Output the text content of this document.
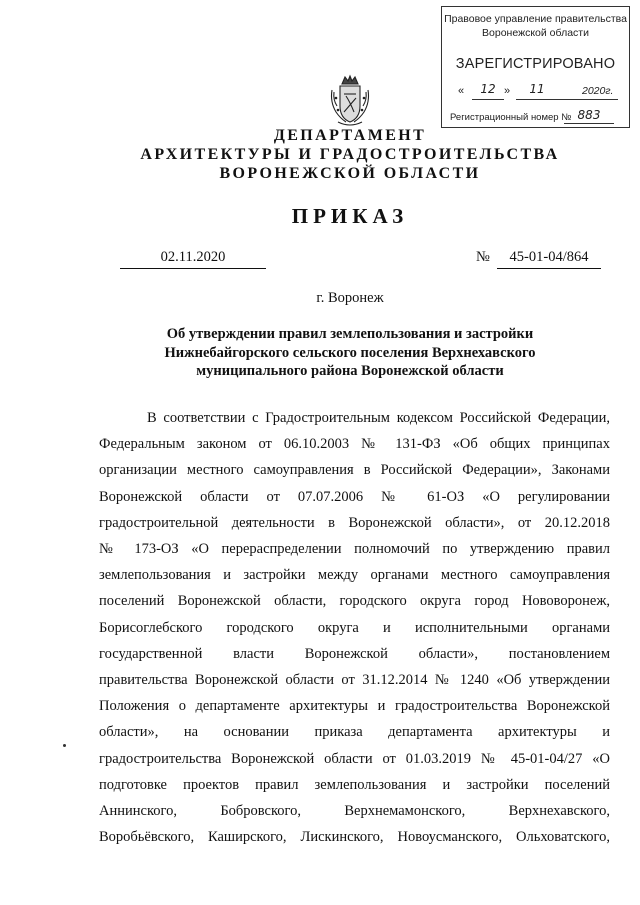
Правовое управление правительства
Воронежской области
ЗАРЕГИСТРИРОВАНО
«	12 »	11	2020г.
Регистрационный номер № 883
ДЕПАРТАМЕНТ
АРХИТЕКТУРЫ И ГРАДОСТРОИТЕЛЬСТВА
ВОРОНЕЖСКОЙ ОБЛАСТИ
ПРИКАЗ
02.11.2020	№	45-01-04/864
г. Воронеж
Об утверждении правил землепользования и застройки
Нижнебайгорского сельского поселения Верхнехавского
муниципального района Воронежской области
В соответствии с Градостроительным кодексом Российской Федерации,
Федеральным законом от 06.10.2003 № 131-ФЗ «Об общих принципах
организации местного самоуправления в Российской Федерации», Законами
Воронежской области от 07.07.2006 № 61-ОЗ «О регулировании
градостроительной деятельности в Воронежской области», от 20.12.2018
№ 173-ОЗ «О перераспределении полномочий по утверждению правил
землепользования и застройки между органами местного самоуправления
поселений Воронежской области, городского округа город Нововоронеж,
Борисоглебского городского округа и исполнительными органами
государственной власти Воронежской области», постановлением
правительства Воронежской области от 31.12.2014 № 1240 «Об утверждении
Положения о департаменте архитектуры и градостроительства Воронежской
области», на основании приказа департамента архитектуры и
градостроительства Воронежской области от 01.03.2019 № 45-01-04/27 «О
подготовке проектов правил землепользования и застройки поселений
Аннинского, Бобровского, Верхнемамонского, Верхнехавского,
Воробьёвского, Каширского, Лискинского, Новоусманского, Ольховатского,
